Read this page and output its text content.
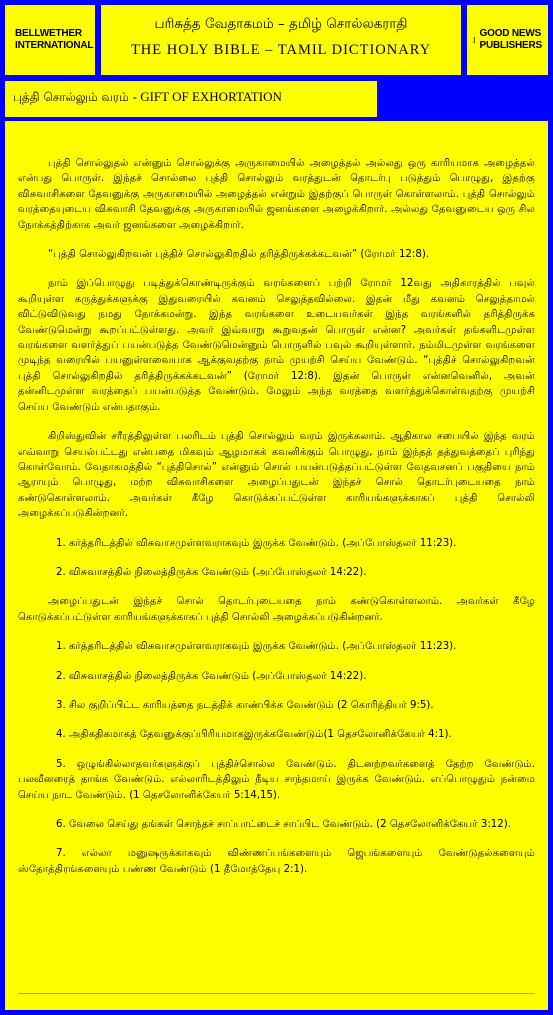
BELLWETHER INTERNATIONAL
பரிசுத்த வேதாகமம் – தமிழ் சொல்லகராதி
THE HOLY BIBLE – TAMIL DICTIONARY
GOOD NEWS PUBLISHERS
புத்தி சொல்லும் வரம் - GIFT OF EXHORTATION

புத்தி சொல்லுதல் என்னும் சொல்லுக்கு அருகாமையில் அழைத்தல் அல்லது ஒரு காரியமாக அழைத்தல் என்பது பொருள். இந்தச் சொல்லை புத்தி சொல்லும் வரத்துடன் தொடர்பு படுத்தும் பொழுது, இதற்கு விசுவாசிகளை தேவனுக்கு அருகாமையில் அழைத்தல் என்றும் இதற்குப் பொருள் கொள்ளலாம். புத்தி சொல்லும் வரத்தையுடைய விசுவாசி தேவனுக்கு அருகாமையில் ஜனங்களை அழைக்கிறார். அல்லது தேவனுடைய ஒரு சில நோக்கத்திற்காக அவர் ஜனங்களை அழைக்கிறார்.

“புத்தி சொல்லுகிறவன் புத்திச் சொல்லுகிறதில் தரித்திருக்கக்கடவன்” (ரோமர் 12:8).

நாம் இப்பொழுது படித்துக்கொண்டிருக்கும் வரங்களைப் பற்றி ரோமர் 12வது அதிகாரத்தில் பவுல் கூறியுள்ள கருத்துக்களுக்கு இதுவரையில் கவனம் செலுத்தவில்லை. இதன் மீது கவனம் செலுத்தாமல் விட்டுவிடுவது நமது நோக்கமன்று. இந்த வரங்களை உடையவர்கள் இந்த வரங்களில் தரித்திருக்க வேண்டுமென்று கூறப்பட்டுள்ளது. அவர் இவ்வாறு கூறுவதன் பொருள் என்ன? அவர்கள் தங்களிடமுள்ள வரங்களை வளர்த்துப் பயன்படுத்த வேண்டுமென்னும் பொருளில் பவுல் கூறியுள்ளார். நம்மிடமுள்ள வரங்களை முடிந்த வரையில் பயனுள்ளவையாக ஆக்குவதற்கு நாம் முயற்சி செய்ய வேண்டும். “புத்திச் சொல்லுகிறவன் புத்தி சொல்லுகிறதில் தரித்திருக்கக்கடவன்” (ரோமர் 12:8). இதன் பொருள் என்னவெனில், அவன் தன்னிடமுள்ள வரத்தைப் பயன்படுத்த வேண்டும். மேலும் அந்த வரத்தை வளர்த்துக்கொள்வதற்கு முயற்சி செய்ய வேண்டும் என்பதாகும்.

கிறிஸ்துவின் சரீரத்திலுள்ள பலரிடம் புத்தி சொல்லும் வரம் இருக்கலாம். ஆதிகால சபையில் இந்த வரம் எவ்வாறு செயல்பட்டது என்பதை மிகவும் ஆழமாகக் கவனிக்கும் பொழுது, நாம் இந்தத் தத்துவத்தைப் புரிந்து கொள்வோம். வேதாகமத்தில் “புத்திசொல்” என்னும் சொல் பயன்படுத்தப்பட்டுள்ள வேதவசனப் பகுதியை நாம் ஆராயும் பொழுது, மற்ற விசுவாசிகளை அழைப்பதுடன் இந்தச் சொல் தொடர்புடையதை நாம் கண்டுகொள்ளலாம். அவர்கள் கீழே கொடுக்கப்பட்டுள்ள காரியங்களுக்காகப் புத்தி சொல்லி அழைக்கப்படுகின்றனர்.

1. கர்த்தரிடத்தில் விசுவாசமுள்ளவராகவும் இருக்க வேண்டும். (அப்போஸ்தலர் 11:23).

2. விசுவாசத்தில் நிலைத்திருக்க வேண்டும் (அப்போஸ்தலர் 14:22).

அழைப்பதுடன் இந்தச் சொல் தொடர்புடையதை நாம் கண்டுகொள்ளலாம். அவர்கள் கீழே கொடுக்கப்பட்டுள்ள காரியங்களுக்காகப் புத்தி சொல்லி அழைக்கப்படுகின்றனர்.

1. கர்த்தரிடத்தில் விசுவாசமுள்ளவராகவும் இருக்க வேண்டும். (அப்போஸ்தலர் 11:23).

2. விசுவாசத்தில் நிலைத்திருக்க வேண்டும் (அப்போஸ்தலர் 14:22).

3. சில குறிப்பிட்ட காரியத்தை நடத்திக் காண்பிக்க வேண்டும் (2 கொரிந்தியர் 9:5).

4. அதிகதிகமாகத் தேவனுக்குப்பிரியமாகஇருக்கவேண்டும்(1 தெசலோனிக்கேயர் 4:1).

5. ஒழுங்கில்லாதவர்களுக்குப் புத்திச்சொல்ல வேண்டும். திடனற்றவர்களைத் தேற்ற வேண்டும். பலவீனரைத் தாங்க வேண்டும். எல்லாரிடத்திலும் நீடிய சாந்தமாய் இருக்க வேண்டும். எப்பொழுதும் நன்மை செய்ய நாட வேண்டும். (1 தெசலோனிக்கேயர் 5:14,15).

6. வேலை செய்து தங்கள் சொந்தச் சாப்பாட்டைச் சாப்பிட வேண்டும். (2 தெசலோனிக்கேயர் 3:12).

7. எல்லா மனுஷருக்காகவும் விண்ணப்பங்களையும் ஜெபங்களையும் வேண்டுதல்களையும் ஸ்தோத்திரங்களையும் பண்ண வேண்டும் (1 தீமோத்தேயு 2:1).
